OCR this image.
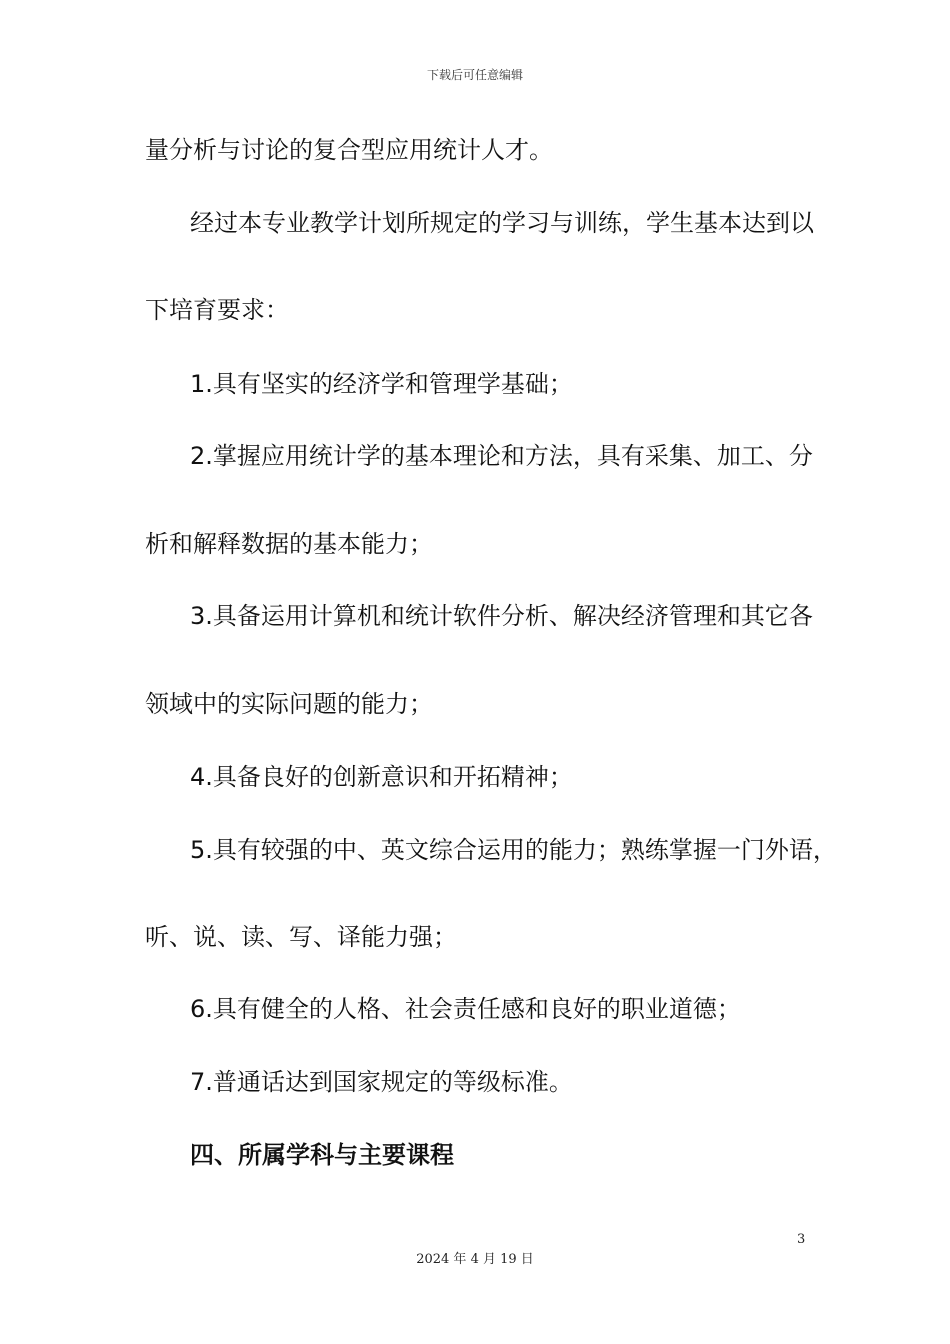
下载后可任意编辑
量分析与讨论的复合型应用统计人才。
经过本专业教学计划所规定的学习与训练，学生基本达到以
下培育要求：
1.具有坚实的经济学和管理学基础；
2.掌握应用统计学的基本理论和方法，具有采集、加工、分
析和解释数据的基本能力；
3.具备运用计算机和统计软件分析、解决经济管理和其它各
领域中的实际问题的能力；
4.具备良好的创新意识和开拓精神；
5.具有较强的中、英文综合运用的能力；熟练掌握一门外语，
听、说、读、写、译能力强；
6.具有健全的人格、社会责任感和良好的职业道德；
7.普通话达到国家规定的等级标准。
四、所属学科与主要课程
3
2024 年 4 月 19 日
